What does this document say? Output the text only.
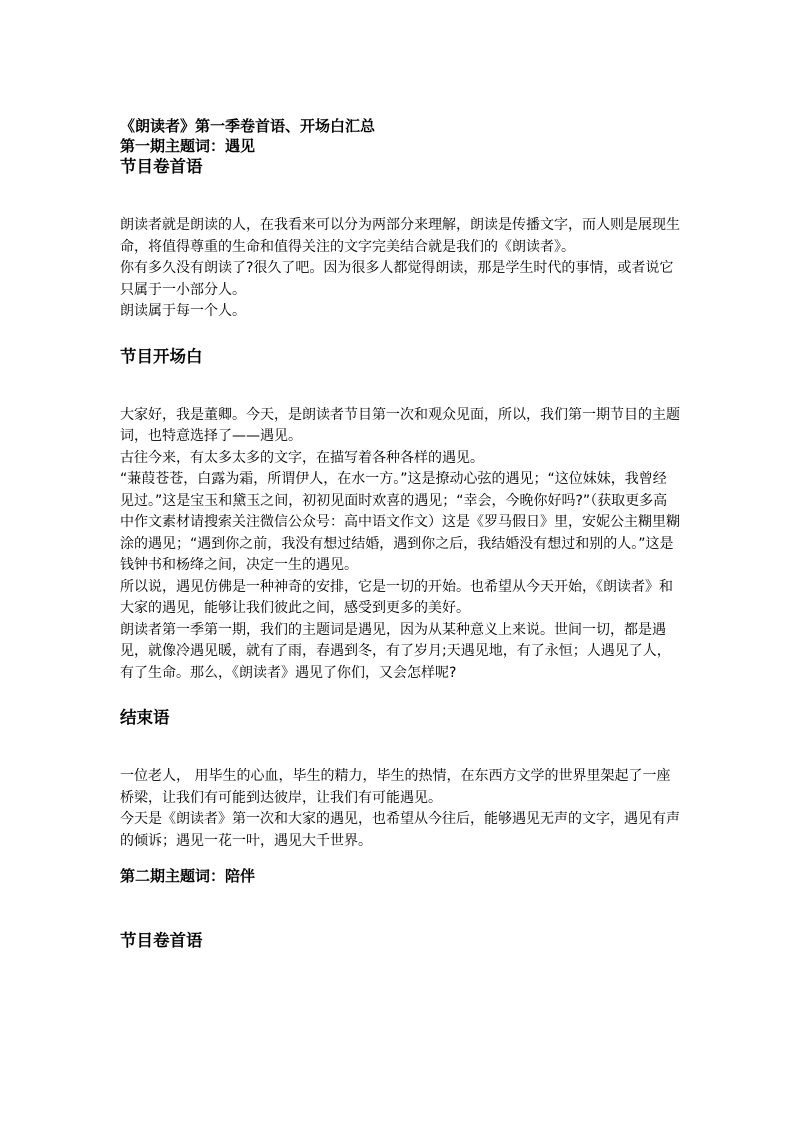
《朗读者》第一季卷首语、开场白汇总

第一期主题词：遇见

节目卷首语

朗读者就是朗读的人，在我看来可以分为两部分来理解，朗读是传播文字，而人则是展现生命，将值得尊重的生命和值得关注的文字完美结合就是我们的《朗读者》。

你有多久没有朗读了?很久了吧。因为很多人都觉得朗读，那是学生时代的事情，或者说它只属于一小部分人。

朗读属于每一个人。

节目开场白

大家好，我是董卿。今天，是朗读者节目第一次和观众见面，所以，我们第一期节目的主题词，也特意选择了——遇见。

古往今来，有太多太多的文字，在描写着各种各样的遇见。

“蒹葭苍苍，白露为霜，所谓伊人，在水一方。”这是撩动心弦的遇见；“这位妹妹，我曾经见过。”这是宝玉和黛玉之间，初初见面时欢喜的遇见；“幸会，今晚你好吗?”（获取更多高中作文素材请搜索关注微信公众号：高中语文作文）这是《罗马假日》里，安妮公主糊里糊涂的遇见；“遇到你之前，我没有想过结婚，遇到你之后，我结婚没有想过和别的人。”这是钱钟书和杨绛之间，决定一生的遇见。

所以说，遇见仿佛是一种神奇的安排，它是一切的开始。也希望从今天开始，《朗读者》和大家的遇见，能够让我们彼此之间，感受到更多的美好。

朗读者第一季第一期，我们的主题词是遇见，因为从某种意义上来说。世间一切，都是遇见，就像冷遇见暖，就有了雨，春遇到冬，有了岁月;天遇见地，有了永恒；人遇见了人，有了生命。那么，《朗读者》遇见了你们，又会怎样呢?

结束语

一位老人， 用毕生的心血，毕生的精力，毕生的热情，在东西方文学的世界里架起了一座桥梁，让我们有可能到达彼岸，让我们有可能遇见。

今天是《朗读者》第一次和大家的遇见，也希望从今往后，能够遇见无声的文字，遇见有声的倾诉；遇见一花一叶，遇见大千世界。

第二期主题词：陪伴

节目卷首语
